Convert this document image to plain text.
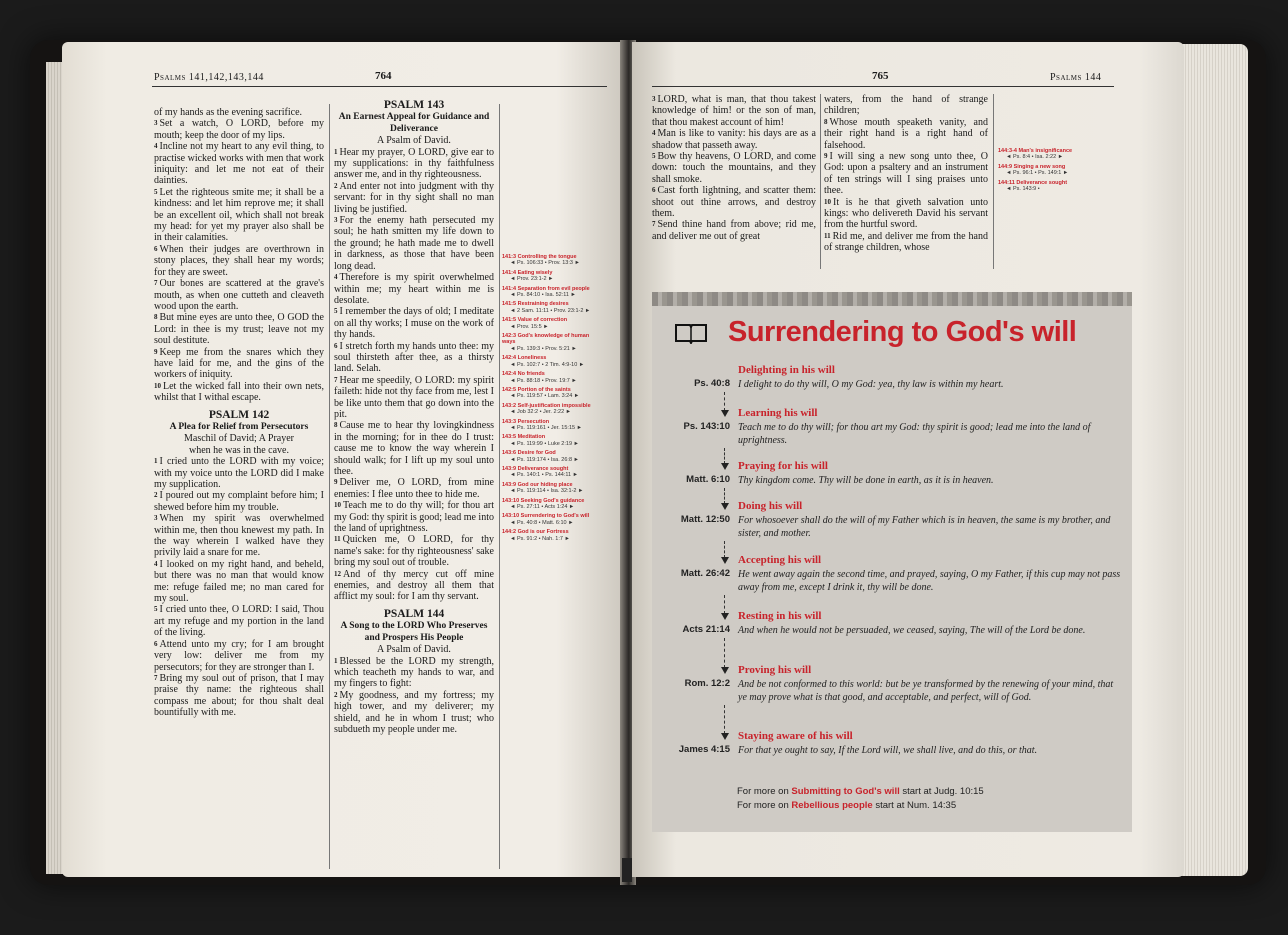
Psalms 141,142,143,144	764

of my hands as the evening sacrifice.

$^3$ Set a watch, O LORD, before my mouth; keep the door of my lips.

$^4$ Incline not my heart to any evil thing, to practise wicked works with men that work iniquity: and let me not eat of their dainties.

$^5$ Let the righteous smite me; it shall be a kindness: and let him reprove me; it shall be an excellent oil, which shall not break my head: for yet my prayer also shall be in their calamities.

$^6$ When their judges are overthrown in stony places, they shall hear my words; for they are sweet.

$^7$ Our bones are scattered at the grave's mouth, as when one cutteth and cleaveth wood upon the earth.

$^8$ But mine eyes are unto thee, O GOD the Lord: in thee is my trust; leave not my soul destitute.

$^9$ Keep me from the snares which they have laid for me, and the gins of the workers of iniquity.

$^{10}$ Let the wicked fall into their own nets, whilst that I withal escape.

PSALM 142
A Plea for Relief from Persecutors
Maschil of David; A Prayer
when he was in the cave.

$^1$ I cried unto the LORD with my voice; with my voice unto the LORD did I make my supplication.

$^2$ I poured out my complaint before him; I shewed before him my trouble.

$^3$ When my spirit was overwhelmed within me, then thou knewest my path. In the way wherein I walked have they privily laid a snare for me.

$^4$ I looked on my right hand, and beheld, but there was no man that would know me: refuge failed me; no man cared for my soul.

$^5$ I cried unto thee, O LORD: I said, Thou art my refuge and my portion in the land of the living.

$^6$ Attend unto my cry; for I am brought very low: deliver me from my persecutors; for they are stronger than I.

$^7$ Bring my soul out of prison, that I may praise thy name: the righteous shall compass me about; for thou shalt deal bountifully with me.

PSALM 143
An Earnest Appeal for Guidance and Deliverance
A Psalm of David.

$^1$ Hear my prayer, O LORD, give ear to my supplications: in thy faithfulness answer me, and in thy righteousness.

$^2$ And enter not into judgment with thy servant: for in thy sight shall no man living be justified.

$^3$ For the enemy hath persecuted my soul; he hath smitten my life down to the ground; he hath made me to dwell in darkness, as those that have been long dead.

$^4$ Therefore is my spirit overwhelmed within me; my heart within me is desolate.

$^5$ I remember the days of old; I meditate on all thy works; I muse on the work of thy hands.

$^6$ I stretch forth my hands unto thee: my soul thirsteth after thee, as a thirsty land. Selah.

$^7$ Hear me speedily, O LORD: my spirit faileth: hide not thy face from me, lest I be like unto them that go down into the pit.

$^8$ Cause me to hear thy lovingkindness in the morning; for in thee do I trust: cause me to know the way wherein I should walk; for I lift up my soul unto thee.

$^9$ Deliver me, O LORD, from mine enemies: I flee unto thee to hide me.

$^{10}$ Teach me to do thy will; for thou art my God: thy spirit is good; lead me into the land of uprightness.

$^{11}$ Quicken me, O LORD, for thy name's sake: for thy righteousness' sake bring my soul out of trouble.

$^{12}$ And of thy mercy cut off mine enemies, and destroy all them that afflict my soul: for I am thy servant.

PSALM 144
A Song to the LORD Who Preserves and Prospers His People
A Psalm of David.

$^1$ Blessed be the LORD my strength, which teacheth my hands to war, and my fingers to fight:

$^2$ My goodness, and my fortress; my high tower, and my deliverer; my shield, and he in whom I trust; who subdueth my people under me.

141:3 Controlling the tongue
◄ Ps. 106:33 • Prov. 13:3 ►
141:4 Eating wisely
◄ Prov. 23:1-2 ►
141:4 Separation from evil people
◄ Ps. 84:10 • Isa. 52:11 ►
141:5 Restraining desires
◄ 2 Sam. 11:11 • Prov. 23:1-2 ►
141:5 Value of correction
◄ Prov. 15:5 ►
142:3 God's knowledge of human ways
◄ Ps. 139:3 • Prov. 5:21 ►
142:4 Loneliness
◄ Ps. 102:7 • 2 Tim. 4:9-10 ►
142:4 No friends
◄ Ps. 88:18 • Prov. 19:7 ►
142:5 Portion of the saints
◄ Ps. 119:57 • Lam. 3:24 ►
143:2 Self-justification impossible
◄ Job 32:2 • Jer. 2:22 ►
143:3 Persecution
◄ Ps. 119:161 • Jer. 15:15 ►
143:5 Meditation
◄ Ps. 119:99 • Luke 2:19 ►
143:6 Desire for God
◄ Ps. 119:174 • Isa. 26:8 ►
143:9 Deliverance sought
◄ Ps. 140:1 • Ps. 144:11 ►
143:9 God our hiding place
◄ Ps. 119:114 • Isa. 32:1-2 ►
143:10 Seeking God's guidance
◄ Ps. 27:11 • Acts 1:24 ►
143:10 Surrendering to God's will
◄ Ps. 40:8 • Matt. 6:10 ►
144:2 God is our Fortress
◄ Ps. 91:2 • Nah. 1:7 ►
765	Psalms 144

$^3$ LORD, what is man, that thou takest knowledge of him! or the son of man, that thou makest account of him!

$^4$ Man is like to vanity: his days are as a shadow that passeth away.

$^5$ Bow thy heavens, O LORD, and come down: touch the mountains, and they shall smoke.

$^6$ Cast forth lightning, and scatter them: shoot out thine arrows, and destroy them.

$^7$ Send thine hand from above; rid me, and deliver me out of great

waters, from the hand of strange children;

$^8$ Whose mouth speaketh vanity, and their right hand is a right hand of falsehood.

$^9$ I will sing a new song unto thee, O God: upon a psaltery and an instrument of ten strings will I sing praises unto thee.

$^{10}$ It is he that giveth salvation unto kings: who delivereth David his servant from the hurtful sword.

$^{11}$ Rid me, and deliver me from the hand of strange children, whose

144:3-4 Man's insignificance
◄ Ps. 8:4 • Isa. 2:22 ►
144:9 Singing a new song
◄ Ps. 96:1 • Ps. 149:1 ►
144:11 Deliverance sought
◄ Ps. 143:9 •
Surrendering to God's will
Delighting in his will
Ps. 40:8 I delight to do thy will, O my God: yea, thy law is within my heart.
Learning his will
Ps. 143:10 Teach me to do thy will; for thou art my God: thy spirit is good; lead me into the land of uprightness.
Praying for his will
Matt. 6:10 Thy kingdom come. Thy will be done in earth, as it is in heaven.
Doing his will
Matt. 12:50 For whosoever shall do the will of my Father which is in heaven, the same is my brother, and sister, and mother.
Accepting his will
Matt. 26:42 He went away again the second time, and prayed, saying, O my Father, if this cup may not pass away from me, except I drink it, thy will be done.
Resting in his will
Acts 21:14 And when he would not be persuaded, we ceased, saying, The will of the Lord be done.
Proving his will
Rom. 12:2 And be not conformed to this world: but be ye transformed by the renewing of your mind, that ye may prove what is that good, and acceptable, and perfect, will of God.
Staying aware of his will
James 4:15 For that ye ought to say, If the Lord will, we shall live, and do this, or that.
For more on Submitting to God's will start at Judg. 10:15
For more on Rebellious people start at Num. 14:35
